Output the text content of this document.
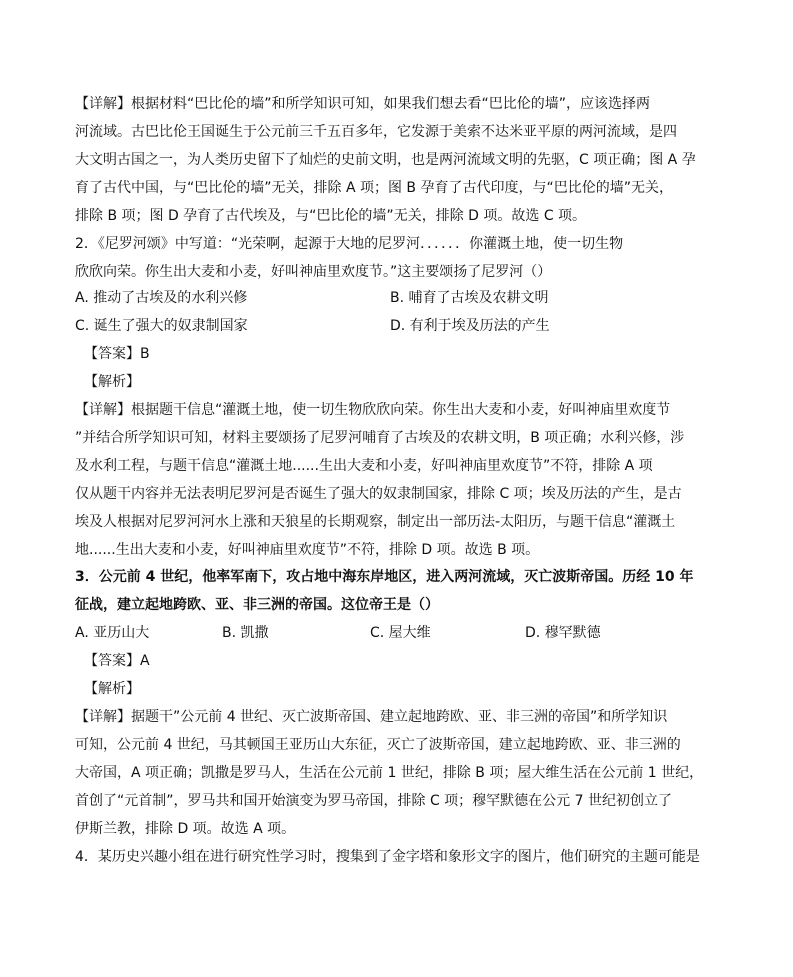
【详解】根据材料“巴比伦的墙”和所学知识可知，如果我们想去看“巴比伦的墙”，应该选择两
河流域。古巴比伦王国诞生于公元前三千五百多年，它发源于美索不达米亚平原的两河流域，是四
大文明古国之一，为人类历史留下了灿烂的史前文明，也是两河流域文明的先驱，C 项正确；图 A 孕
育了古代中国，与“巴比伦的墙”无关，排除 A 项；图 B 孕育了古代印度，与“巴比伦的墙”无关，
排除 B 项；图 D 孕育了古代埃及，与“巴比伦的墙”无关，排除 D 项。故选 C 项。
2．《尼罗河颂》中写道：“光荣啊，起源于大地的尼罗河．．．．．．你灌溉土地，使一切生物
欣欣向荣。你生出大麦和小麦，好叫神庙里欢度节。”这主要颂扬了尼罗河（）
A. 推动了古埃及的水利兴修	B. 哺育了古埃及农耕文明
C. 诞生了强大的奴隶制国家	D. 有利于埃及历法的产生
【答案】B
【解析】
【详解】根据题干信息“灌溉土地，使一切生物欣欣向荣。你生出大麦和小麦，好叫神庙里欢度节
”并结合所学知识可知，材料主要颂扬了尼罗河哺育了古埃及的农耕文明，B 项正确；水利兴修，涉
及水利工程，与题干信息“灌溉土地......生出大麦和小麦，好叫神庙里欢度节”不符，排除 A 项
仅从题干内容并无法表明尼罗河是否诞生了强大的奴隶制国家，排除 C 项；埃及历法的产生，是古
埃及人根据对尼罗河河水上涨和天狼星的长期观察，制定出一部历法-太阳历，与题干信息“灌溉土
地......生出大麦和小麦，好叫神庙里欢度节”不符，排除 D 项。故选 B 项。
3．公元前 4 世纪，他率军南下，攻占地中海东岸地区，进入两河流域，灭亡波斯帝国。历经 10 年
征战，建立起地跨欧、亚、非三洲的帝国。这位帝王是（）
A. 亚历山大	B. 凯撒	C. 屋大维	D. 穆罕默德
【答案】A
【解析】
【详解】据题干”公元前 4 世纪、灭亡波斯帝国、建立起地跨欧、亚、非三洲的帝国”和所学知识
可知，公元前 4 世纪，马其顿国王亚历山大东征，灭亡了波斯帝国，建立起地跨欧、亚、非三洲的
大帝国，A 项正确；凯撒是罗马人，生活在公元前 1 世纪，排除 B 项；屋大维生活在公元前 1 世纪，
首创了“元首制”，罗马共和国开始演变为罗马帝国，排除 C 项；穆罕默德在公元 7 世纪初创立了
伊斯兰教，排除 D 项。故选 A 项。
4．某历史兴趣小组在进行研究性学习时，搜集到了金字塔和象形文字的图片，他们研究的主题可能是
